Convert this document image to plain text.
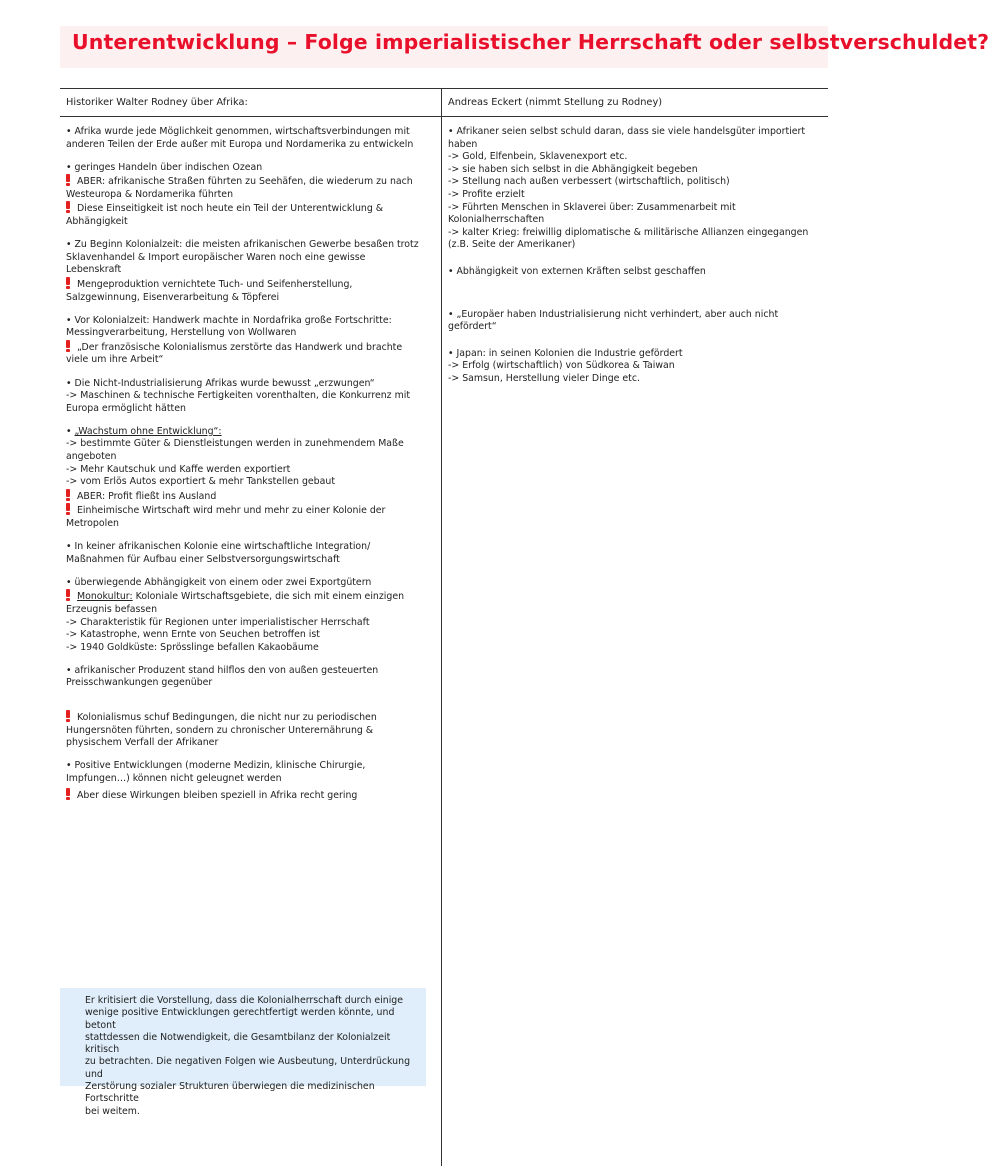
Unterentwicklung – Folge imperialistischer Herrschaft oder selbstverschuldet?
Historiker Walter Rodney über Afrika:	Andreas Eckert (nimmt Stellung zu Rodney)

• Afrika wurde jede Möglichkeit genommen, wirtschaftsverbindungen mit
anderen Teilen der Erde außer mit Europa und Nordamerika zu entwickeln

• geringes Handeln über indischen Ozean

ABER: afrikanische Straßen führten zu Seehäfen, die wiederum zu nach
Westeuropa & Nordamerika führten

Diese Einseitigkeit ist noch heute ein Teil der Unterentwicklung &
Abhängigkeit

• Zu Beginn Kolonialzeit: die meisten afrikanischen Gewerbe besaßen trotz
Sklavenhandel & Import europäischer Waren noch eine gewisse
Lebenskraft

Mengeproduktion vernichtete Tuch- und Seifenherstellung,
Salzgewinnung, Eisenverarbeitung & Töpferei

• Vor Kolonialzeit: Handwerk machte in Nordafrika große Fortschritte:
Messingverarbeitung, Herstellung von Wollwaren

„Der französische Kolonialismus zerstörte das Handwerk und brachte
viele um ihre Arbeit“

• Die Nicht-Industrialisierung Afrikas wurde bewusst „erzwungen“
-> Maschinen & technische Fertigkeiten vorenthalten, die Konkurrenz mit
Europa ermöglicht hätten

• „Wachstum ohne Entwicklung“:
-> bestimmte Güter & Dienstleistungen werden in zunehmendem Maße
angeboten
-> Mehr Kautschuk und Kaffe werden exportiert
-> vom Erlös Autos exportiert & mehr Tankstellen gebaut

ABER: Profit fließt ins Ausland

Einheimische Wirtschaft wird mehr und mehr zu einer Kolonie der
Metropolen

• In keiner afrikanischen Kolonie eine wirtschaftliche Integration/
Maßnahmen für Aufbau einer Selbstversorgungswirtschaft

• überwiegende Abhängigkeit von einem oder zwei Exportgütern

Monokultur: Koloniale Wirtschaftsgebiete, die sich mit einem einzigen
Erzeugnis befassen
-> Charakteristik für Regionen unter imperialistischer Herrschaft
-> Katastrophe, wenn Ernte von Seuchen betroffen ist
-> 1940 Goldküste: Sprösslinge befallen Kakaobäume

• afrikanischer Produzent stand hilflos den von außen gesteuerten
Preisschwankungen gegenüber

Kolonialismus schuf Bedingungen, die nicht nur zu periodischen
Hungersnöten führten, sondern zu chronischer Unterernährung &
physischem Verfall der Afrikaner

• Positive Entwicklungen (moderne Medizin, klinische Chirurgie,
Impfungen…) können nicht geleugnet werden

Aber diese Wirkungen bleiben speziell in Afrika recht gering

Er kritisiert die Vorstellung, dass die Kolonialherrschaft durch einige
wenige positive Entwicklungen gerechtfertigt werden könnte, und betont
stattdessen die Notwendigkeit, die Gesamtbilanz der Kolonialzeit kritisch
zu betrachten. Die negativen Folgen wie Ausbeutung, Unterdrückung und
Zerstörung sozialer Strukturen überwiegen die medizinischen Fortschritte
bei weitem.

• Afrikaner seien selbst schuld daran, dass sie viele handelsgüter importiert
haben
-> Gold, Elfenbein, Sklavenexport etc.
-> sie haben sich selbst in die Abhängigkeit begeben
-> Stellung nach außen verbessert (wirtschaftlich, politisch)
-> Profite erzielt
-> Führten Menschen in Sklaverei über: Zusammenarbeit mit
Kolonialherrschaften
-> kalter Krieg: freiwillig diplomatische & militärische Allianzen eingegangen
(z.B. Seite der Amerikaner)

• Abhängigkeit von externen Kräften selbst geschaffen

• „Europäer haben Industrialisierung nicht verhindert, aber auch nicht
gefördert“

• Japan: in seinen Kolonien die Industrie gefördert
-> Erfolg (wirtschaftlich) von Südkorea & Taiwan
-> Samsun, Herstellung vieler Dinge etc.
